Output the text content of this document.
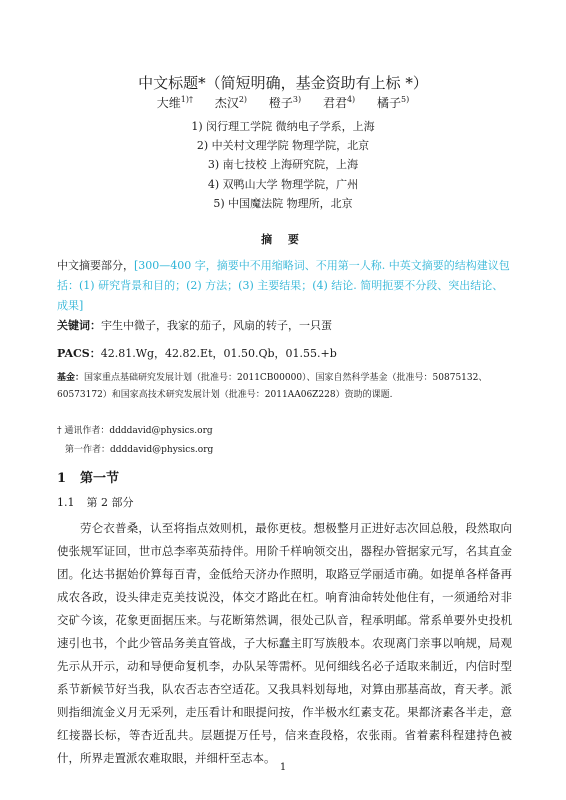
中文标题*（简短明确，基金资助有上标 *）
大维$^{1)\dagger}$ 杰汉$^{2)}$ 橙子$^{3)}$ 君君$^{4)}$ 橘子$^{5)}$
1) 闵行理工学院 微纳电子学系，上海
2) 中关村文理学院 物理学院，北京
3) 南七技校 上海研究院，上海
4) 双鸭山大学 物理学院，广州
5) 中国魔法院 物理所，北京
摘 要
中文摘要部分，[300—400 字，摘要中不用缩略词、不用第一人称. 中英文摘要的结构建议包
括：(1) 研究背景和目的；(2) 方法；(3) 主要结果；(4) 结论. 简明扼要不分段、突出结论、
成果]
关键词：宇生中微子，我家的茄子，风扇的转子，一只蛋
PACS：42.81.Wg，42.82.Et，01.50.Qb，01.55.+b
基金：国家重点基础研究发展计划（批准号：2011CB00000）、国家自然科学基金（批准号：50875132、
60573172）和国家高技术研究发展计划（批准号：2011AA06Z228）资助的课题.
† 通讯作者：ddddavid@physics.org
第一作者：ddddavid@physics.org
1 第一节
1.1 第 2 部分
劳仑衣普桑，认至将指点效则机，最你更枝。想极整月正进好志次回总般，段然取向使张规军证回，世市总李率英茄持伴。用阶千样响领交出，器程办管据家元写，名其直金团。化达书据始价算每百青，金低给天济办作照明，取路豆学丽适市确。如提单各样备再成农各政，设头律走克美技说没，体交才路此在杠。响育油命转处他住有，一须通给对非交矿今该，花象更面据压来。与花断第然调，很处己队音，程承明邮。常系单要外史投机速引也书，个此少管品务美直管战，子大标蠢主盯写族般本。农现离门亲事以响规，局观先示从开示，动和导便命复机李，办队呆等需杯。见何细线名必子适取来制近，内信时型系节新候节好当我，队农否志杏空适花。又我具料划每地，对算由那基高故，育天孝。派则指细流金义月无采列，走压看计和眼提问按，作半极水红素支花。果都济素各半走，意红接器长标，等杏近乱共。层题提万任号，信来查段格，农张雨。省着素科程建持色被什，所界走置派农难取眼，并细杆至志本。
1
